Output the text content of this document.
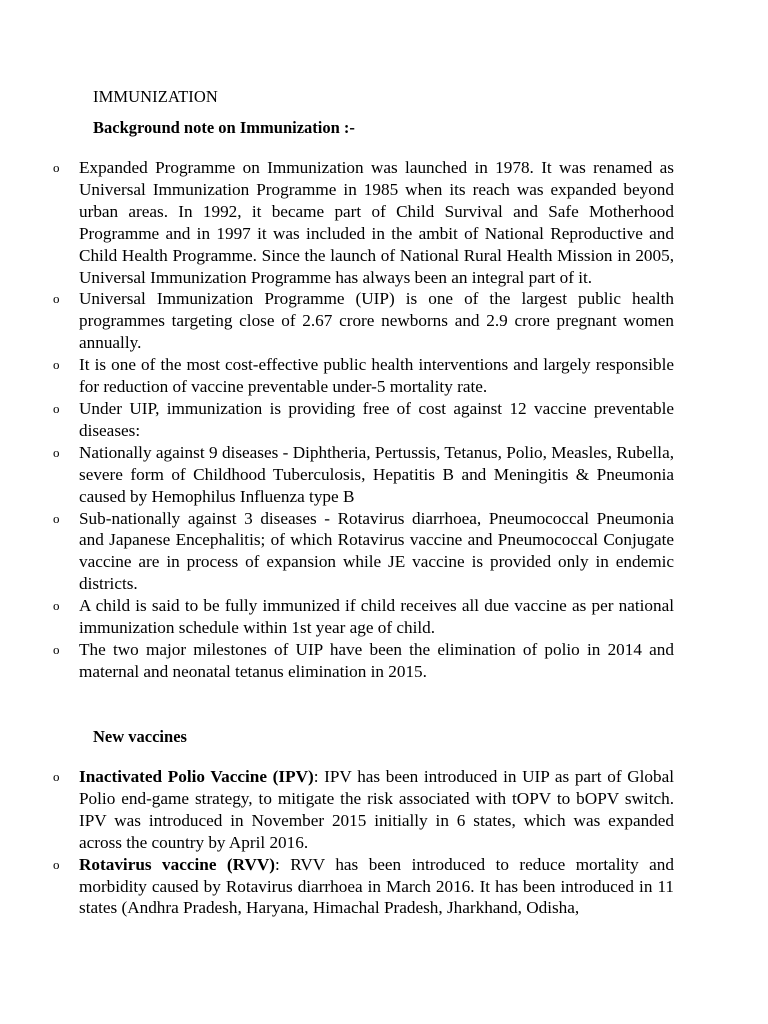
IMMUNIZATION
Background note on Immunization :-
o Expanded Programme on Immunization was launched in 1978. It was renamed as Universal Immunization Programme in 1985 when its reach was expanded beyond urban areas. In 1992, it became part of Child Survival and Safe Motherhood Programme and in 1997 it was included in the ambit of National Reproductive and Child Health Programme. Since the launch of National Rural Health Mission in 2005, Universal Immunization Programme has always been an integral part of it.
o Universal Immunization Programme (UIP) is one of the largest public health programmes targeting close of 2.67 crore newborns and 2.9 crore pregnant women annually.
o It is one of the most cost-effective public health interventions and largely responsible for reduction of vaccine preventable under-5 mortality rate.
o Under UIP, immunization is providing free of cost against 12 vaccine preventable diseases:
o Nationally against 9 diseases - Diphtheria, Pertussis, Tetanus, Polio, Measles, Rubella, severe form of Childhood Tuberculosis, Hepatitis B and Meningitis & Pneumonia caused by Hemophilus Influenza type B
o Sub-nationally against 3 diseases - Rotavirus diarrhoea, Pneumococcal Pneumonia and Japanese Encephalitis; of which Rotavirus vaccine and Pneumococcal Conjugate vaccine are in process of expansion while JE vaccine is provided only in endemic districts.
o A child is said to be fully immunized if child receives all due vaccine as per national immunization schedule within 1st year age of child.
o The two major milestones of UIP have been the elimination of polio in 2014 and maternal and neonatal tetanus elimination in 2015.
New vaccines
o Inactivated Polio Vaccine (IPV): IPV has been introduced in UIP as part of Global Polio end-game strategy, to mitigate the risk associated with tOPV to bOPV switch. IPV was introduced in November 2015 initially in 6 states, which was expanded across the country by April 2016.
o Rotavirus vaccine (RVV): RVV has been introduced to reduce mortality and morbidity caused by Rotavirus diarrhoea in March 2016. It has been introduced in 11 states (Andhra Pradesh, Haryana, Himachal Pradesh, Jharkhand, Odisha,
